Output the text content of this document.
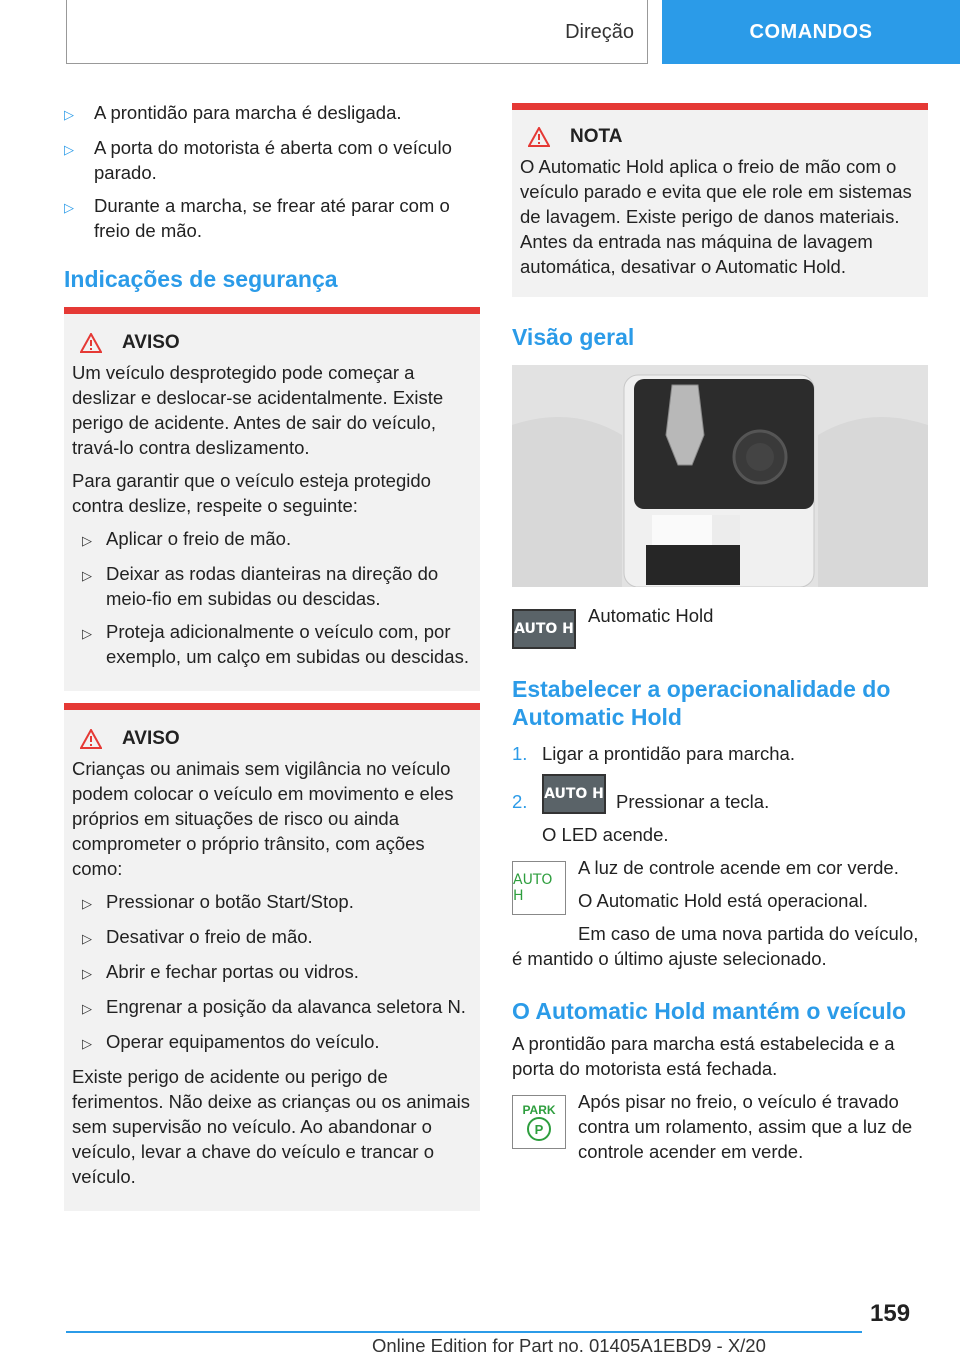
Direção	COMANDOS
▷	A prontidão para marcha é desligada.
▷	A porta do motorista é aberta com o veículo parado.
▷	Durante a marcha, se frear até parar com o freio de mão.
Indicações de segurança
AVISO

Um veículo desprotegido pode começar a deslizar e deslocar-se acidentalmente. Existe perigo de acidente. Antes de sair do veículo, travá-lo contra deslizamento.

Para garantir que o veículo esteja protegido contra deslize, respeite o seguinte:

▷ Aplicar o freio de mão.
▷ Deixar as rodas dianteiras na direção do meio-fio em subidas ou descidas.
▷ Proteja adicionalmente o veículo com, por exemplo, um calço em subidas ou descidas.
AVISO

Crianças ou animais sem vigilância no veículo podem colocar o veículo em movimento e eles próprios em situações de risco ou ainda comprometer o próprio trânsito, com ações como:

▷ Pressionar o botão Start/Stop.
▷ Desativar o freio de mão.
▷ Abrir e fechar portas ou vidros.
▷ Engrenar a posição da alavanca seletora N.
▷ Operar equipamentos do veículo.

Existe perigo de acidente ou perigo de ferimentos. Não deixe as crianças ou os animais sem supervisão no veículo. Ao abandonar o veículo, levar a chave do veículo e trancar o veículo.

NOTA

O Automatic Hold aplica o freio de mão com o veículo parado e evita que ele role em sistemas de lavagem. Existe perigo de danos materiais. Antes da entrada nas máquina de lavagem automática, desativar o Automatic Hold.

Visão geral
AUTO H
Automatic Hold
Estabelecer a operacionalidade do Automatic Hold
1. Ligar a prontidão para marcha.
2.	AUTO H Pressionar a tecla.

O LED acende.

AUTO H

A luz de controle acende em cor verde.

O Automatic Hold está operacional.

Em caso de uma nova partida do veículo, é mantido o último ajuste selecionado.

O Automatic Hold mantém o veículo

A prontidão para marcha está estabelecida e a porta do motorista está fechada.

PARK
P

Após pisar no freio, o veículo é travado contra um rolamento, assim que a luz de controle acender em verde.

159
Online Edition for Part no. 01405A1EBD9 - X/20
